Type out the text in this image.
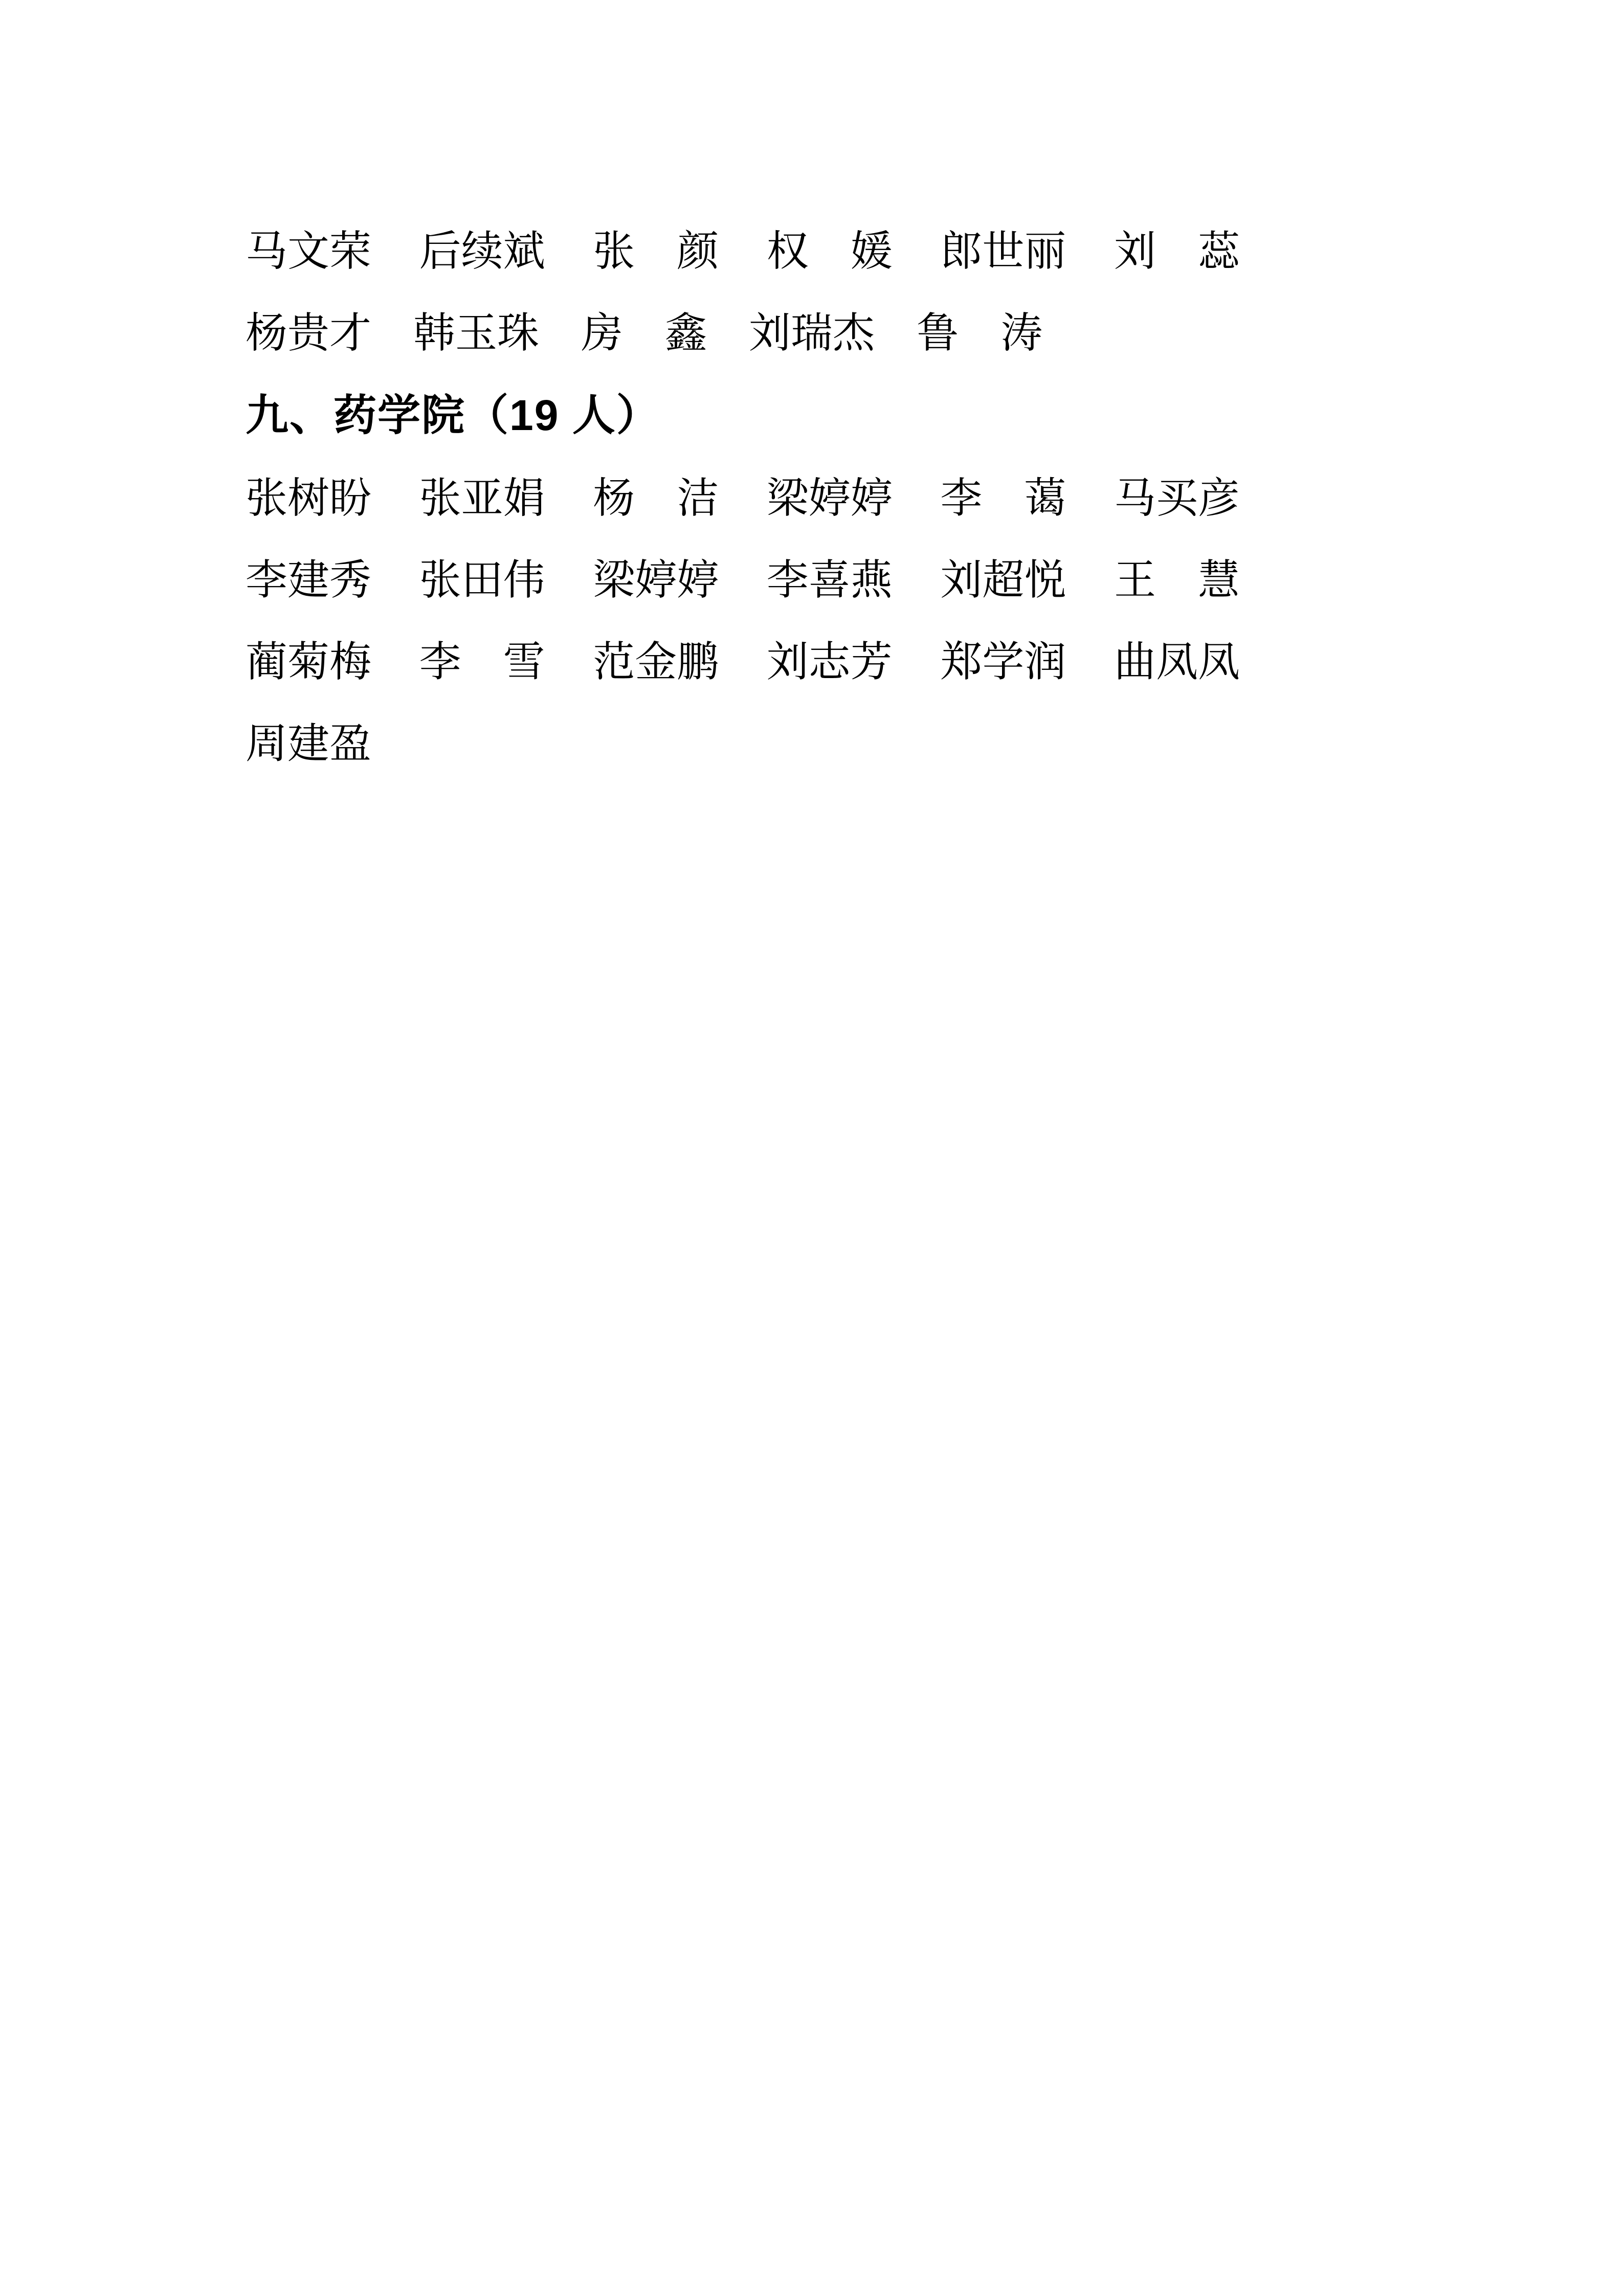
马文荣 后续斌 张　颜 权　媛 郎世丽 刘　蕊
杨贵才 韩玉珠 房　鑫 刘瑞杰 鲁　涛
九、药学院（19 人）
张树盼 张亚娟 杨　洁 梁婷婷 李　蔼 马买彦
李建秀 张田伟 梁婷婷 李喜燕 刘超悦 王　慧
蔺菊梅 李　雪 范金鹏 刘志芳 郑学润 曲凤凤
周建盈
